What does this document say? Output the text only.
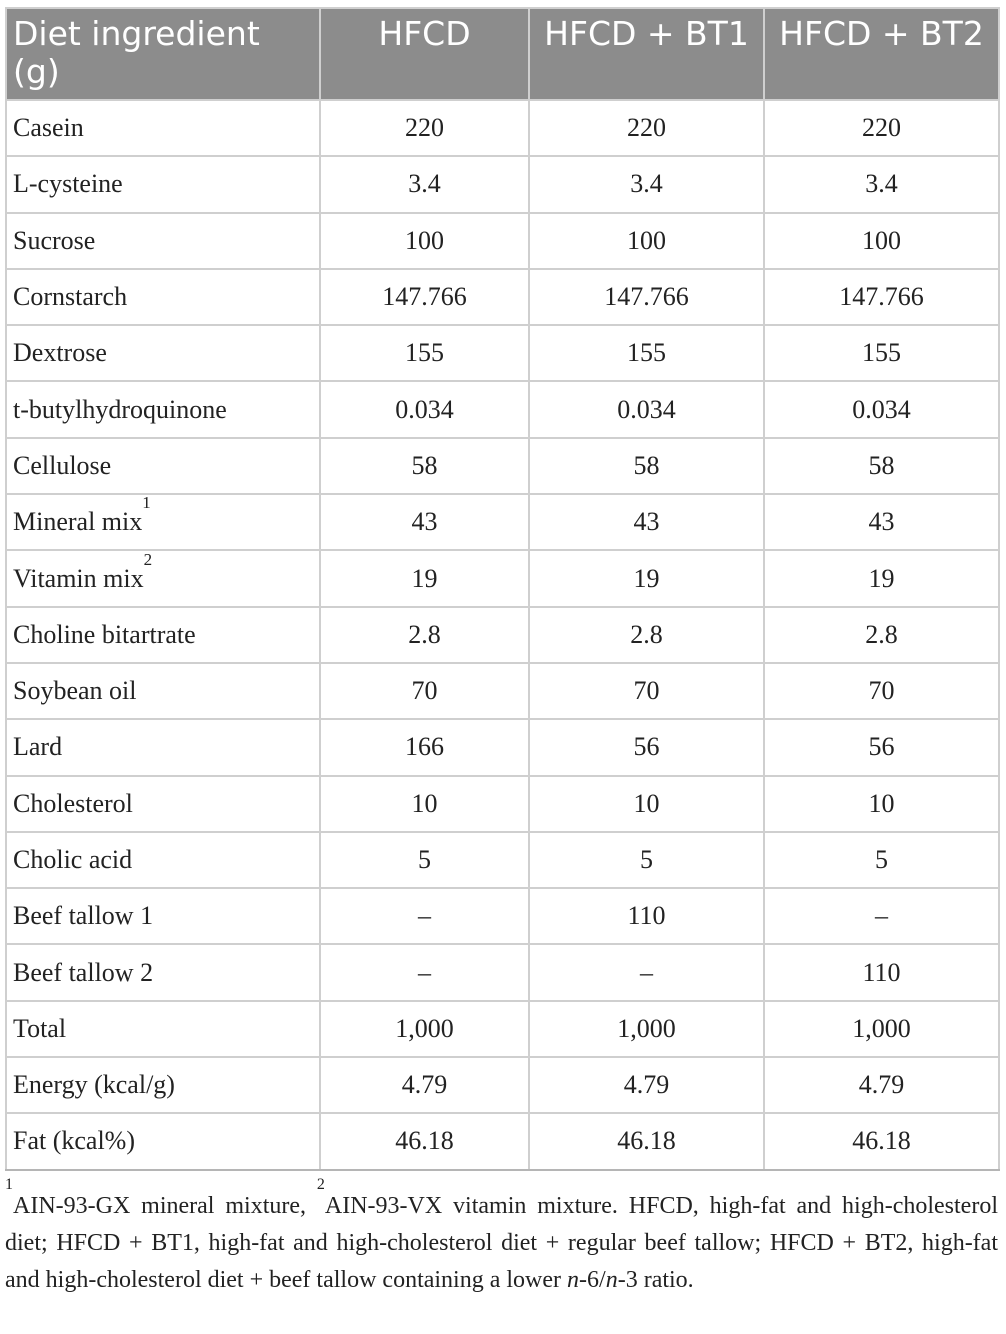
Diet ingredient (g)	HFCD	HFCD + BT1	HFCD + BT2
Casein	220	220	220
L-cysteine	3.4	3.4	3.4
Sucrose	100	100	100
Cornstarch	147.766	147.766	147.766
Dextrose	155	155	155
t-butylhydroquinone	0.034	0.034	0.034
Cellulose	58	58	58
Mineral mix$^1$	43	43	43
Vitamin mix$^2$	19	19	19
Choline bitartrate	2.8	2.8	2.8
Soybean oil	70	70	70
Lard	166	56	56
Cholesterol	10	10	10
Cholic acid	5	5	5
Beef tallow 1	–	110	–
Beef tallow 2	–	–	110
Total	1,000	1,000	1,000
Energy (kcal/g)	4.79	4.79	4.79
Fat (kcal%)	46.18	46.18	46.18

$^1$AIN-93-GX mineral mixture, $^2$AIN-93-VX vitamin mixture. HFCD, high-fat and high-cholesterol diet; HFCD + BT1, high-fat and high-cholesterol diet + regular beef tallow; HFCD + BT2, high-fat and high-cholesterol diet + beef tallow containing a lower n-6/n-3 ratio.
